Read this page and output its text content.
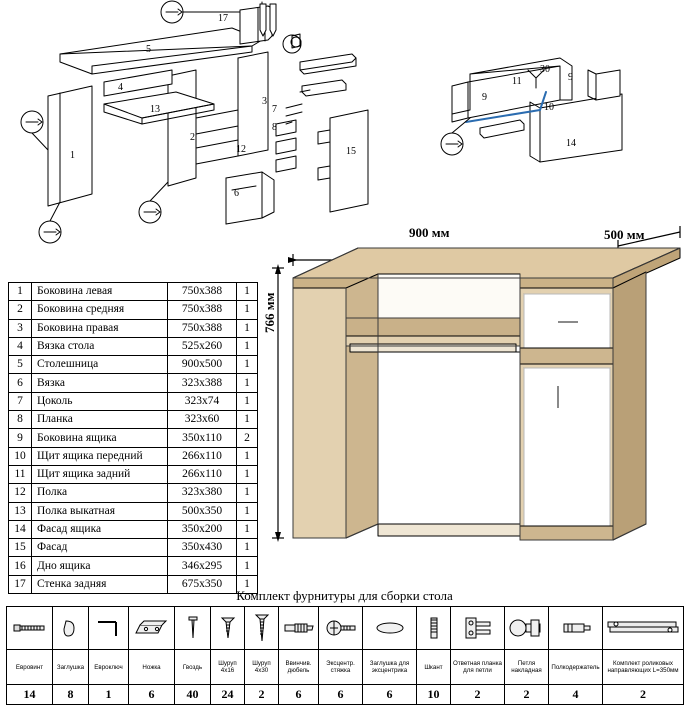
17
5
4
13
2
3
1
12
6
7
8
15
11	9
9
10
14
30
1	Боковина левая	750х388	1
2	Боковина средняя	750х388	1
3	Боковина правая	750х388	1
4	Вязка стола	525х260	1
5	Столешница	900х500	1
6	Вязка	323х388	1
7	Цоколь	323х74	1
8	Планка	323х60	1
9	Боковина ящика	350х110	2
10	Щит ящика передний	266х110	1
11	Щит ящика задний	266х110	1
12	Полка	323х380	1
13	Полка выкатная	500х350	1
14	Фасад ящика	350х200	1
15	Фасад	350х430	1
16	Дно ящика	346х295	1
17	Стенка задняя	675х350	1
900 мм	500 мм
766 мм
Комплект фурнитуры для сборки стола

Евровинт	Заглушка	Евроключ	Ножка	Гвоздь	Шуруп 4х16	Шуруп 4х30	Ввинчив. дюбель	Эксцентр. стяжка	Заглушка для эксцентрика	Шкант	Ответная планка для петли	Петля накладная	Полкодержатель	Комплект роликовых направляющих L=350мм
14	8	1	6	40	24	2	6	6	6	10	2	2	4	2
